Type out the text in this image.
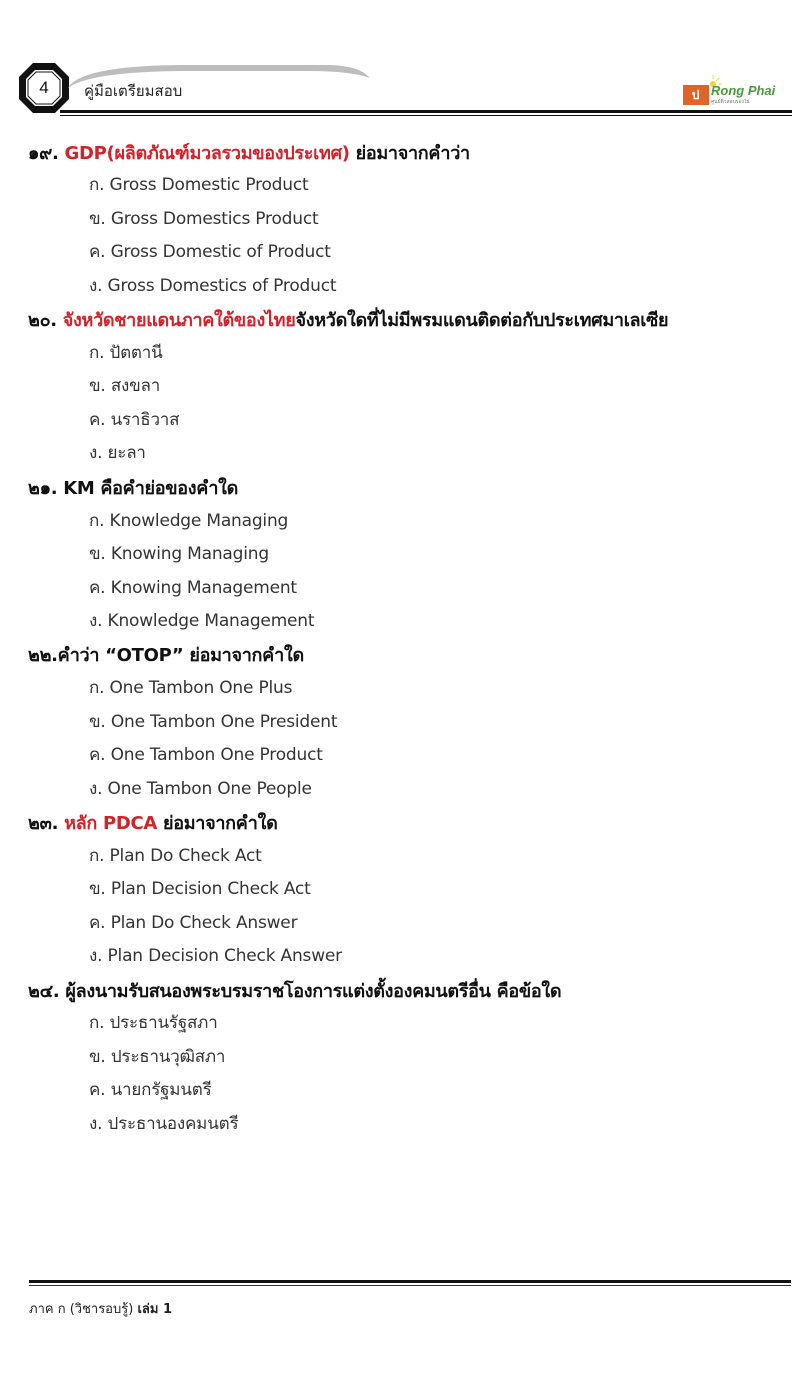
4	คู่มือเตรียมสอบ	ป Rong Phai
ศูนย์ติวสอบรองไผ่
๑๙. GDP(ผลิตภัณฑ์มวลรวมของประเทศ) ย่อมาจากคำว่า
ก. Gross Domestic Product
ข. Gross Domestics Product
ค. Gross Domestic of Product
ง. Gross Domestics of Product
๒๐. จังหวัดชายแดนภาคใต้ของไทยจังหวัดใดที่ไม่มีพรมแดนติดต่อกับประเทศมาเลเซีย
ก. ปัตตานี
ข. สงขลา
ค. นราธิวาส
ง. ยะลา
๒๑. KM คือคำย่อของคำใด
ก. Knowledge Managing
ข. Knowing Managing
ค. Knowing Management
ง. Knowledge Management
๒๒.คำว่า “OTOP” ย่อมาจากคำใด
ก. One Tambon One Plus
ข. One Tambon One President
ค. One Tambon One Product
ง. One Tambon One People
๒๓. หลัก PDCA ย่อมาจากคำใด
ก. Plan Do Check Act
ข. Plan Decision Check Act
ค. Plan Do Check Answer
ง. Plan Decision Check Answer
๒๔. ผู้ลงนามรับสนองพระบรมราชโองการแต่งตั้งองคมนตรีอื่น คือข้อใด
ก. ประธานรัฐสภา
ข. ประธานวุฒิสภา
ค. นายกรัฐมนตรี
ง. ประธานองคมนตรี
ภาค ก (วิชารอบรู้) เล่ม 1
